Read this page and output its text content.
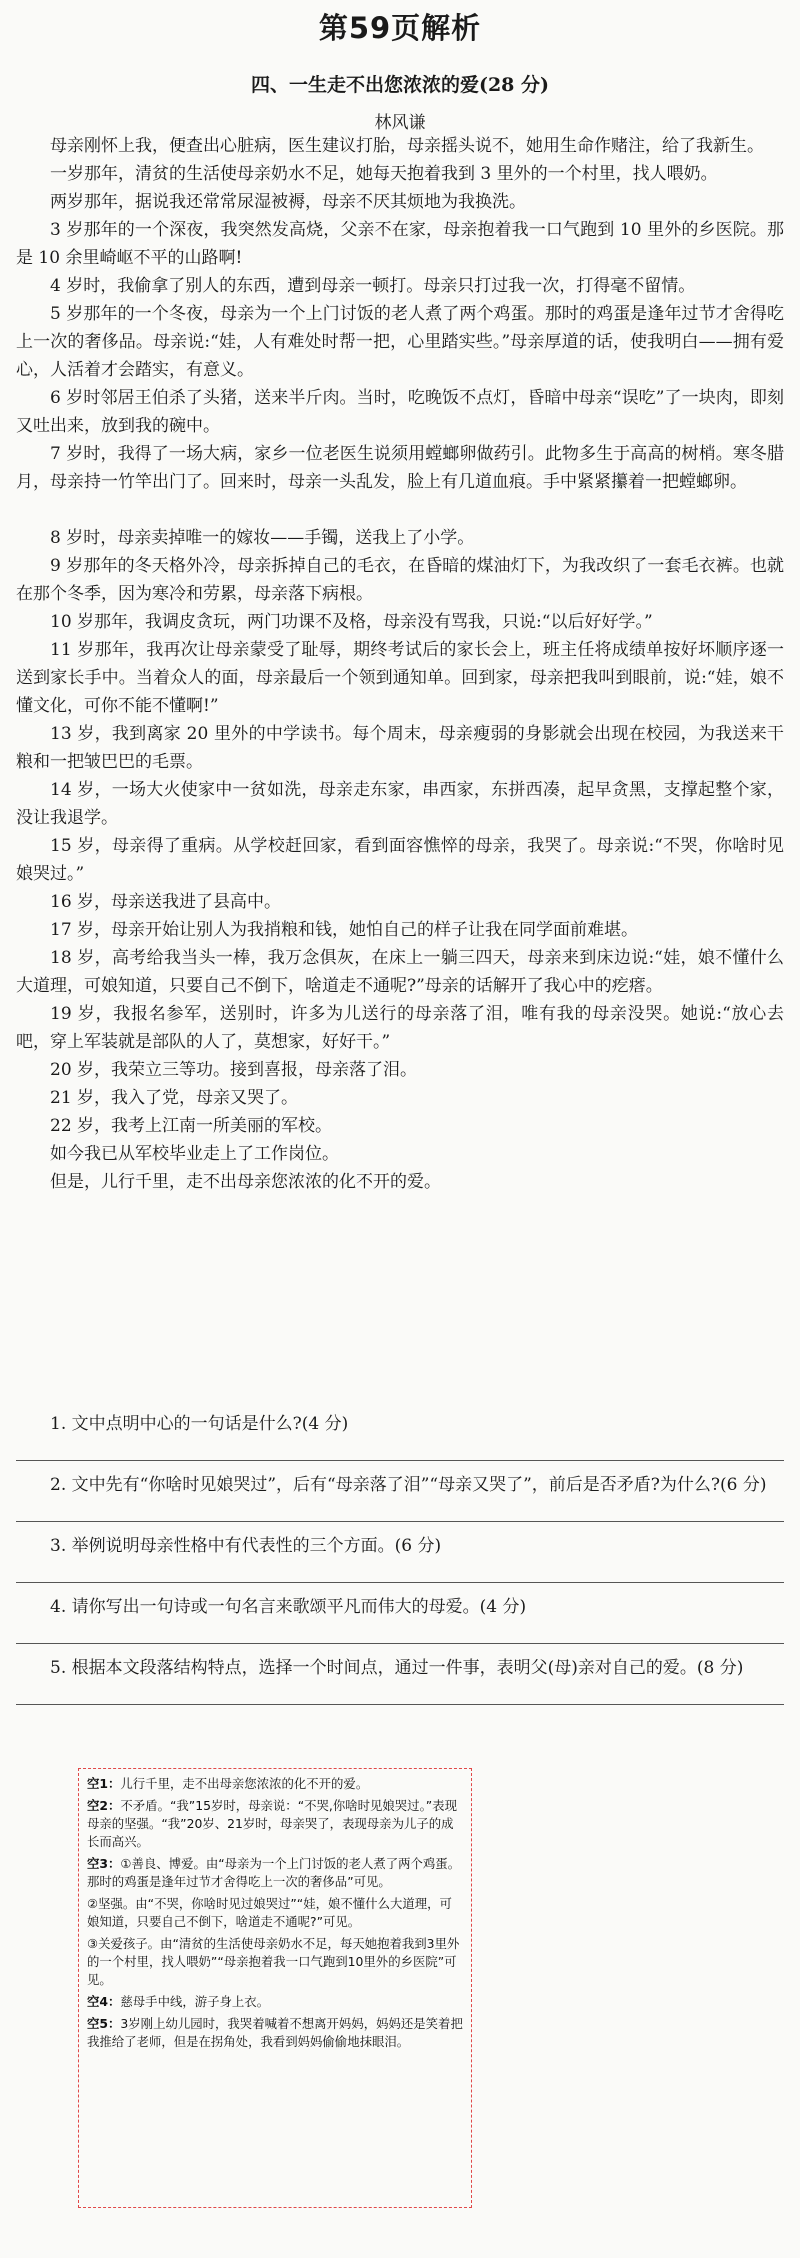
第59页解析
四、一生走不出您浓浓的爱(28 分)
林风谦

母亲刚怀上我，便查出心脏病，医生建议打胎，母亲摇头说不，她用生命作赌注，给了我新生。

一岁那年，清贫的生活使母亲奶水不足，她每天抱着我到 3 里外的一个村里，找人喂奶。

两岁那年，据说我还常常尿湿被褥，母亲不厌其烦地为我换洗。

3 岁那年的一个深夜，我突然发高烧，父亲不在家，母亲抱着我一口气跑到 10 里外的乡医院。那是 10 余里崎岖不平的山路啊!

4 岁时，我偷拿了别人的东西，遭到母亲一顿打。母亲只打过我一次，打得毫不留情。

5 岁那年的一个冬夜，母亲为一个上门讨饭的老人煮了两个鸡蛋。那时的鸡蛋是逢年过节才舍得吃上一次的奢侈品。母亲说:“娃，人有难处时帮一把，心里踏实些。”母亲厚道的话，使我明白——拥有爱心，人活着才会踏实，有意义。

6 岁时邻居王伯杀了头猪，送来半斤肉。当时，吃晚饭不点灯，昏暗中母亲“误吃”了一块肉，即刻又吐出来，放到我的碗中。

7 岁时，我得了一场大病，家乡一位老医生说须用螳螂卵做药引。此物多生于高高的树梢。寒冬腊月，母亲持一竹竿出门了。回来时，母亲一头乱发，脸上有几道血痕。手中紧紧攥着一把螳螂卵。

8 岁时，母亲卖掉唯一的嫁妆——手镯，送我上了小学。

9 岁那年的冬天格外冷，母亲拆掉自己的毛衣，在昏暗的煤油灯下，为我改织了一套毛衣裤。也就在那个冬季，因为寒冷和劳累，母亲落下病根。

10 岁那年，我调皮贪玩，两门功课不及格，母亲没有骂我，只说:“以后好好学。”

11 岁那年，我再次让母亲蒙受了耻辱，期终考试后的家长会上，班主任将成绩单按好坏顺序逐一送到家长手中。当着众人的面，母亲最后一个领到通知单。回到家，母亲把我叫到眼前，说:“娃，娘不懂文化，可你不能不懂啊!”

13 岁，我到离家 20 里外的中学读书。每个周末，母亲瘦弱的身影就会出现在校园，为我送来干粮和一把皱巴巴的毛票。

14 岁，一场大火使家中一贫如洗，母亲走东家，串西家，东拼西凑，起早贪黑，支撑起整个家，没让我退学。

15 岁，母亲得了重病。从学校赶回家，看到面容憔悴的母亲，我哭了。母亲说:“不哭，你啥时见娘哭过。”

16 岁，母亲送我进了县高中。

17 岁，母亲开始让别人为我捎粮和钱，她怕自己的样子让我在同学面前难堪。

18 岁，高考给我当头一棒，我万念俱灰，在床上一躺三四天，母亲来到床边说:“娃，娘不懂什么大道理，可娘知道，只要自己不倒下，啥道走不通呢?”母亲的话解开了我心中的疙瘩。

19 岁，我报名参军，送别时，许多为儿送行的母亲落了泪，唯有我的母亲没哭。她说:“放心去吧，穿上军装就是部队的人了，莫想家，好好干。”

20 岁，我荣立三等功。接到喜报，母亲落了泪。

21 岁，我入了党，母亲又哭了。

22 岁，我考上江南一所美丽的军校。

如今我已从军校毕业走上了工作岗位。

但是，儿行千里，走不出母亲您浓浓的化不开的爱。

1. 文中点明中心的一句话是什么?(4 分)

2. 文中先有“你啥时见娘哭过”，后有“母亲落了泪”“母亲又哭了”，前后是否矛盾?为什么?(6 分)

3. 举例说明母亲性格中有代表性的三个方面。(6 分)

4. 请你写出一句诗或一句名言来歌颂平凡而伟大的母爱。(4 分)

5. 根据本文段落结构特点，选择一个时间点，通过一件事，表明父(母)亲对自己的爱。(8 分)

空1：儿行千里，走不出母亲您浓浓的化不开的爱。
空2：不矛盾。“我”15岁时，母亲说：“不哭,你啥时见娘哭过。”表现母亲的坚强。“我”20岁、21岁时，母亲哭了，表现母亲为儿子的成长而高兴。
空3：①善良、博爱。由“母亲为一个上门讨饭的老人煮了两个鸡蛋。那时的鸡蛋是逢年过节才舍得吃上一次的奢侈品”可见。
②坚强。由“不哭，你啥时见过娘哭过”“娃，娘不懂什么大道理，可娘知道，只要自己不倒下，啥道走不通呢?”可见。
③关爱孩子。由“清贫的生活使母亲奶水不足，每天她抱着我到3里外的一个村里，找人喂奶”“母亲抱着我一口气跑到10里外的乡医院”可见。
空4：慈母手中线，游子身上衣。
空5：3岁刚上幼儿园时，我哭着喊着不想离开妈妈，妈妈还是笑着把我推给了老师，但是在拐角处，我看到妈妈偷偷地抹眼泪。
